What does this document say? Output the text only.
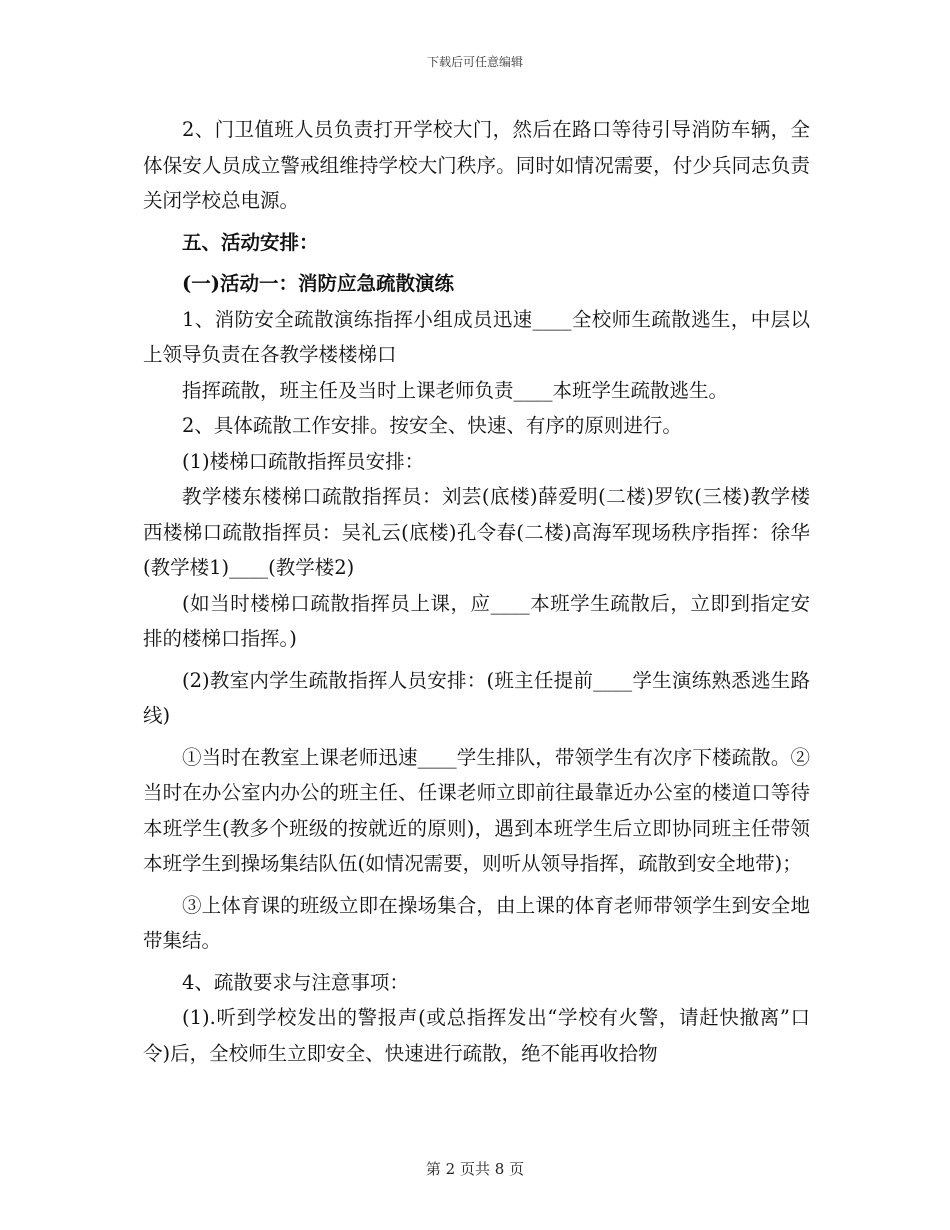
下载后可任意编辑

2、门卫值班人员负责打开学校大门，然后在路口等待引导消防车辆，全体保安人员成立警戒组维持学校大门秩序。同时如情况需要，付少兵同志负责关闭学校总电源。

五、活动安排：

(一)活动一：消防应急疏散演练

1、消防安全疏散演练指挥小组成员迅速____全校师生疏散逃生，中层以上领导负责在各教学楼楼梯口

指挥疏散，班主任及当时上课老师负责____本班学生疏散逃生。

2、具体疏散工作安排。按安全、快速、有序的原则进行。

(1)楼梯口疏散指挥员安排：

教学楼东楼梯口疏散指挥员：刘芸(底楼)薛爱明(二楼)罗钦(三楼)教学楼西楼梯口疏散指挥员：吴礼云(底楼)孔令春(二楼)高海军现场秩序指挥：徐华(教学楼1)____(教学楼2)

(如当时楼梯口疏散指挥员上课，应____本班学生疏散后，立即到指定安排的楼梯口指挥。)

(2)教室内学生疏散指挥人员安排：(班主任提前____学生演练熟悉逃生路线)

①当时在教室上课老师迅速____学生排队，带领学生有次序下楼疏散。②当时在办公室内办公的班主任、任课老师立即前往最靠近办公室的楼道口等待本班学生(教多个班级的按就近的原则)，遇到本班学生后立即协同班主任带领本班学生到操场集结队伍(如情况需要，则听从领导指挥，疏散到安全地带)；

③上体育课的班级立即在操场集合，由上课的体育老师带领学生到安全地带集结。

4、疏散要求与注意事项：

(1).听到学校发出的警报声(或总指挥发出“学校有火警，请赶快撤离”口令)后，全校师生立即安全、快速进行疏散，绝不能再收拾物

第 2 页共 8 页
